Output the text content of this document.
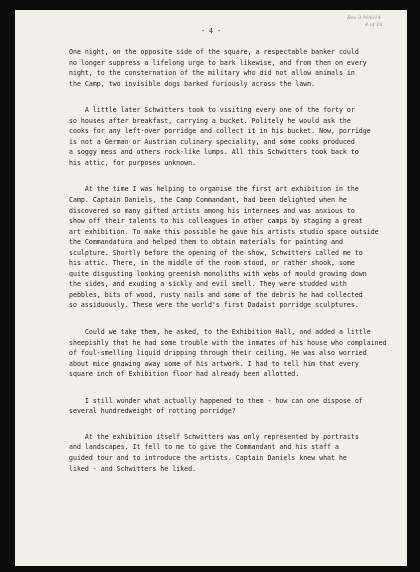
Box 3 M/6/14
4 of 16
- 4 -

One night, on the opposite side of the square, a respectable banker could
no longer suppress a lifelong urge to bark likewise, and from then on every
night, to the consternation of the military who did not allow animals in
the Camp, two invisible dogs barked furiously across the lawn.

A little later Schwitters took to visiting every one of the forty or
so houses after breakfast, carrying a bucket. Politely he would ask the
cooks for any left-over porridge and collect it in his bucket. Now, porridge
is not a German or Austrian culinary speciality, and some cooks produced
a soggy mess and others rock-like lumps. All this Schwitters took back to
his attic, for purposes unknown.

At the time I was helping to organise the first art exhibition in the
Camp. Captain Daniels, the Camp Commandant, had been delighted when he
discovered so many gifted artists among his internees and was anxious to
show off their talents to his colleagues in other camps by staging a great
art exhibition. To make this possible he gave his artists studio space outside
the Commandatura and helped them to obtain materials for painting and
sculpture. Shortly before the opening of the show, Schwitters called me to
his attic. There, in the middle of the room stood, or rather shook, some
quite disgusting looking greenish monoliths with webs of mould growing down
the sides, and exuding a sickly and evil smell. They were studded with
pebbles, bits of wood, rusty nails and some of the debris he had collected
so assiduously. These were the world's first Dadaist porridge sculptures.

Could we take them, he asked, to the Exhibition Hall, and added a little
sheepishly that he had some trouble with the inmates of his house who complained
of foul-smelling liquid dripping through their ceiling. He was also worried
about mice gnawing away some of his artwork. I had to tell him that every
square inch of Exhibition floor had already been allotted.

I still wonder what actually happened to them - how can one dispose of
several hundredweight of rotting porridge?

At the exhibition itself Schwitters was only represented by portraits
and landscapes. It fell to me to give the Commandant and his staff a
guided tour and to introduce the artists. Captain Daniels knew what he
liked - and Schwitters he liked.
